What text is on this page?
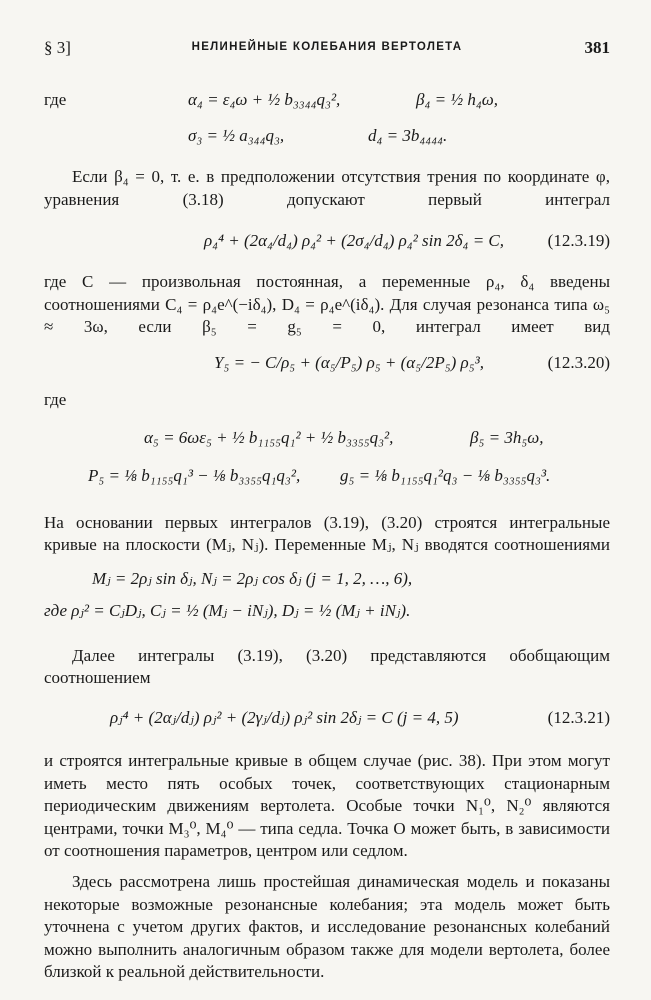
§ 3]	НЕЛИНЕЙНЫЕ КОЛЕБАНИЯ ВЕРТОЛЕТА	381
где	α₄ = ε₄ω + ½ b₃₃₄₄q₃²,	β₄ = ½ h₄ω,
σ₃ = ½ a₃₄₄q₃,	d₄ = 3b₄₄₄₄.

Если β₄ = 0, т. е. в предположении отсутствия трения по координате φ, уравнения (3.18) допускают первый интеграл

ρ₄⁴ + (2α₄/d₄) ρ₄² + (2σ₄/d₄) ρ₄² sin 2δ₄ = C,	(12.3.19)

где C — произвольная постоянная, а переменные ρ₄, δ₄ введены соотношениями C₄ = ρ₄e^(−iδ₄), D₄ = ρ₄e^(iδ₄). Для случая резонанса типа ω₅ ≈ 3ω, если β₅ = g₅ = 0, интеграл имеет вид

Y₅ = − C/ρ₅ + (α₅/P₅) ρ₅ + (α₅/2P₅) ρ₅³,	(12.3.20)

где

α₅ = 6ωε₅ + ½ b₁₁₅₅q₁² + ½ b₃₃₅₅q₃²,	β₅ = 3h₅ω,
P₅ = ⅛ b₁₁₅₅q₁³ − ⅛ b₃₃₅₅q₁q₃², g₅ = ⅛ b₁₁₅₅q₁²q₃ − ⅛ b₃₃₅₅q₃³.

На основании первых интегралов (3.19), (3.20) строятся интегральные кривые на плоскости (Mⱼ, Nⱼ). Переменные Mⱼ, Nⱼ вводятся соотношениями

Mⱼ = 2ρⱼ sin δⱼ, Nⱼ = 2ρⱼ cos δⱼ (j = 1, 2, …, 6),
где ρⱼ² = CⱼDⱼ, Cⱼ = ½ (Mⱼ − iNⱼ), Dⱼ = ½ (Mⱼ + iNⱼ).

Далее интегралы (3.19), (3.20) представляются обобщающим соотношением

ρⱼ⁴ + (2αⱼ/dⱼ) ρⱼ² + (2γⱼ/dⱼ) ρⱼ² sin 2δⱼ = C (j = 4, 5)	(12.3.21)

и строятся интегральные кривые в общем случае (рис. 38). При этом могут иметь место пять особых точек, соответствующих стационарным периодическим движениям вертолета. Особые точки N₁⁰, N₂⁰ являются центрами, точки M₃⁰, M₄⁰ — типа седла. Точка O может быть, в зависимости от соотношения параметров, центром или седлом.

Здесь рассмотрена лишь простейшая динамическая модель и показаны некоторые возможные резонансные колебания; эта модель может быть уточнена с учетом других фактов, и исследование резонансных колебаний можно выполнить аналогичным образом также для модели вертолета, более близкой к реальной действительности.
